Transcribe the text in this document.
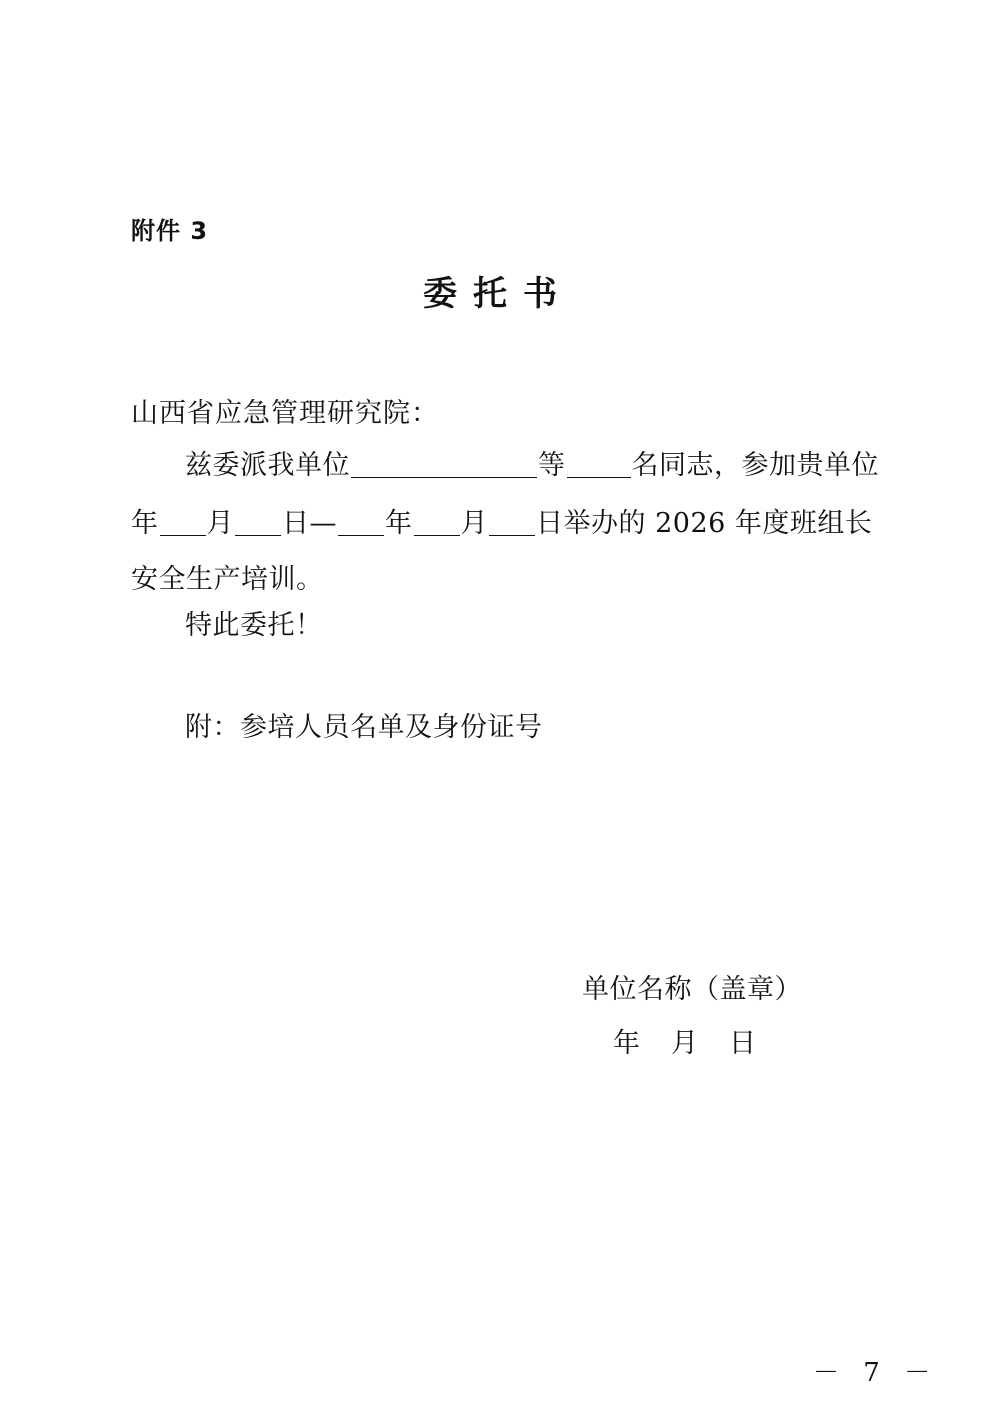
附件 3
委托书
山西省应急管理研究院：
兹委派我单位	等 名同志，参加贵单位
年 月 日— 年 月 日举办的 2026 年度班组长
安全生产培训。
特此委托！
附：参培人员名单及身份证号
单位名称（盖章）
年 月 日
－ 7 －
